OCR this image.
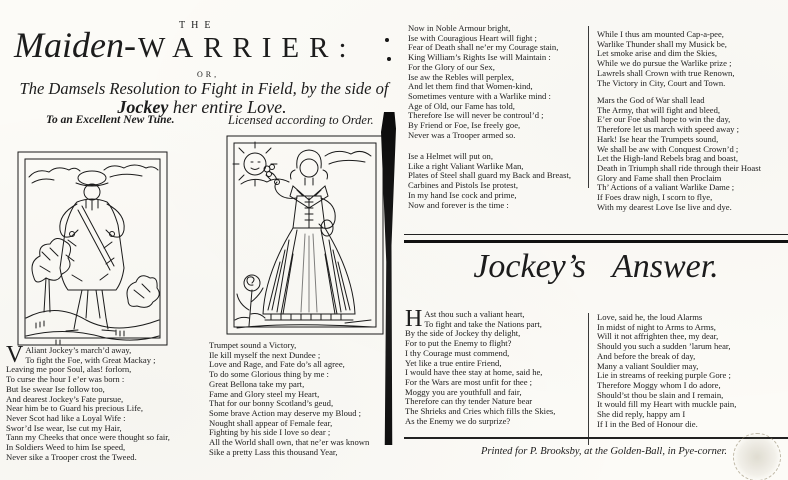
THE
Maiden-WARRIER:
OR,
The Damsels Resolution to Fight in Field, by the side of
Jockey her entire Love.
To an Excellent New Tune.	Licensed according to Order.
V Aliant Jockey’s march’d away,
To fight the Foe, with Great Mackay ;
Leaving me poor Soul, alas! forlorn,
To curse the hour I e’er was born :
But Ise swear Ise follow too,
And dearest Jockey’s Fate pursue,
Near him be to Guard his precious Life,
Never Scot had like a Loyal Wife :
Swor’d Ise wear, Ise cut my Hair,
Tann my Cheeks that once were thought so fair,
In Soldiers Weed to him Ise speed,
Never sike a Trooper crost the Tweed.
Trumpet sound a Victory,
Ile kill myself the next Dundee ;
Love and Rage, and Fate do’s all agree,
To do some Glorious thing by me :
Great Bellona take my part,
Fame and Glory steel my Heart,
That for our bonny Scotland’s geud,
Some brave Action may deserve my Bloud ;
Nought shall appear of Female fear,
Fighting by his side I love so dear ;
All the World shall own, that ne’er was known
Sike a pretty Lass this thousand Year,
Now in Noble Armour bright,
Ise with Couragious Heart will fight ;
Fear of Death shall ne’er my Courage stain,
King William’s Rights Ise will Maintain :
For the Glory of our Sex,
Ise aw the Rebles will perplex,
And let them find that Women-kind,
Sometimes venture with a Warlike mind :
Age of Old, our Fame has told,
Therefore Ise will never be controul’d ;
By Friend or Foe, Ise freely goe,
Never was a Trooper armed so.
Ise a Helmet will put on,
Like a right Valiant Warlike Man,
Plates of Steel shall guard my Back and Breast,
Carbines and Pistols Ise protest,
In my hand Ise cock and prime,
Now and forever is the time :
While I thus am mounted Cap-a-pee,
Warlike Thunder shall my Musick be,
Let smoke arise and dim the Skies,
While we do pursue the Warlike prize ;
Lawrels shall Crown with true Renown,
The Victory in City, Court and Town.
Mars the God of War shall lead
The Army, that will fight and bleed,
E’er our Foe shall hope to win the day,
Therefore let us march with speed away ;
Hark! Ise hear the Trumpets sound,
We shall be aw with Conquest Crown’d ;
Let the High-land Rebels brag and boast,
Death in Triumph shall ride through their Hoast
Glory and Fame shall then Proclaim
Th’ Actions of a valiant Warlike Dame ;
If Foes draw nigh, I scorn to flye,
With my dearest Love Ise live and dye.
Jockey’s Answer.
H Ast thou such a valiant heart,
To fight and take the Nations part,
By the side of Jockey thy delight,
For to put the Enemy to flight?
I thy Courage must commend,
Yet like a true entire Friend,
I would have thee stay at home, said he,
For the Wars are most unfit for thee ;
Moggy you are youthfull and fair,
Therefore can thy tender Nature bear
The Shrieks and Cries which fills the Skies,
As the Enemy we do surprize?
Love, said he, the loud Alarms
In midst of night to Arms to Arms,
Will it not affrighten thee, my dear,
Should you such a sudden ’larum hear,
And before the break of day,
Many a valiant Souldier may,
Lie in streams of reeking purple Gore ;
Therefore Moggy whom I do adore,
Should’st thou be slain and I remain,
It would fill my Heart with muckle pain,
She did reply, happy am I
If I in the Bed of Honour die.
Printed for P. Brooksby, at the Golden-Ball, in Pye-corner.
